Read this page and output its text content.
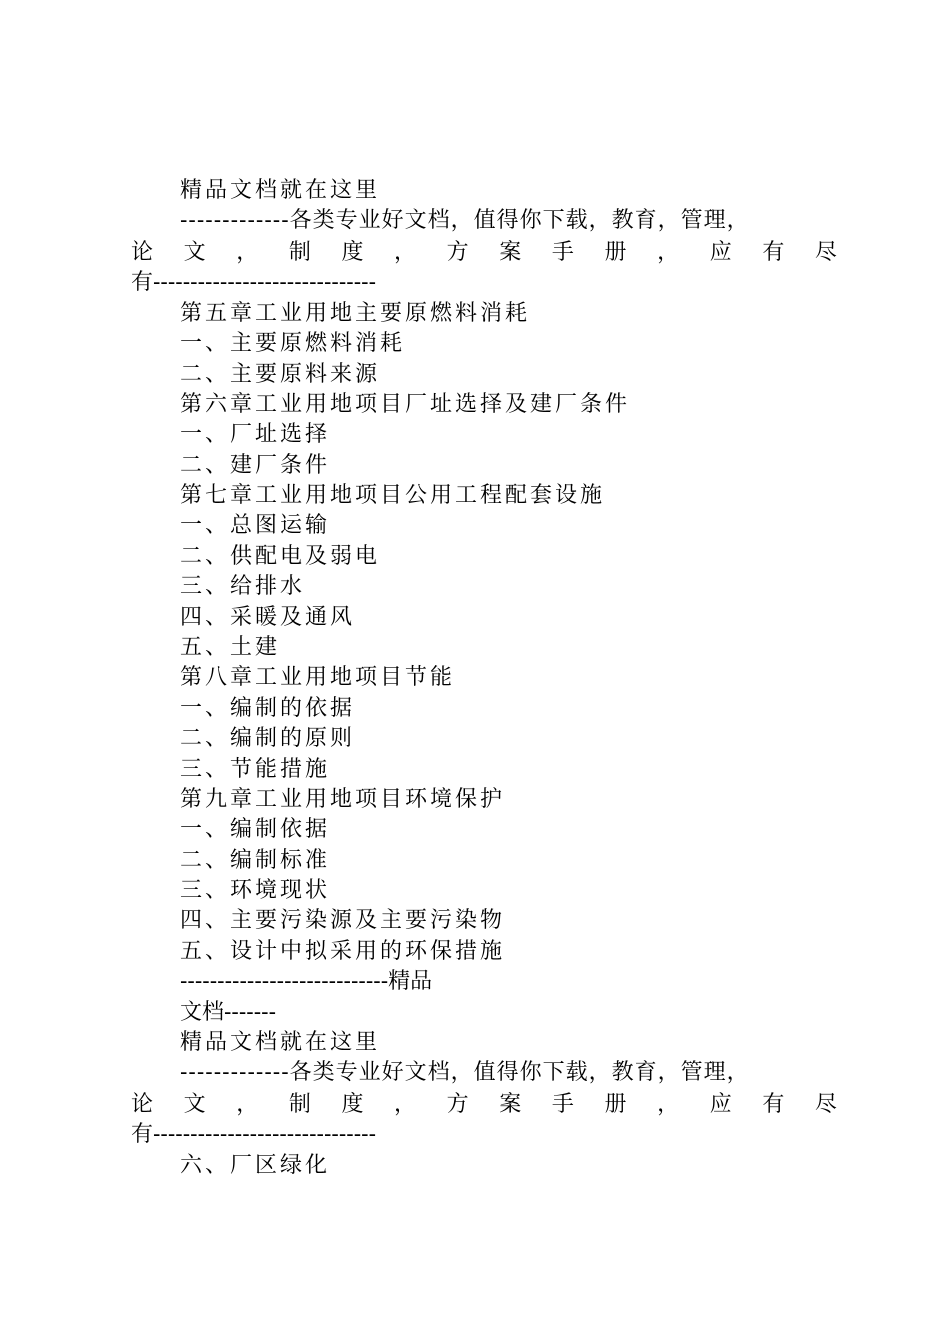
精品文档就在这里
-------------各类专业好文档，值得你下载，教育，管理，
论 文 ， 制 度 ， 方 案 手 册 ， 应 有 尽
有------------------------------
第五章工业用地主要原燃料消耗
一、主要原燃料消耗
二、主要原料来源
第六章工业用地项目厂址选择及建厂条件
一、厂址选择
二、建厂条件
第七章工业用地项目公用工程配套设施
一、总图运输
二、供配电及弱电
三、给排水
四、采暖及通风
五、土建
第八章工业用地项目节能
一、编制的依据
二、编制的原则
三、节能措施
第九章工业用地项目环境保护
一、编制依据
二、编制标准
三、环境现状
四、主要污染源及主要污染物
五、设计中拟采用的环保措施
----------------------------精品
文档-------
精品文档就在这里
-------------各类专业好文档，值得你下载，教育，管理，
论 文 ， 制 度 ， 方 案 手 册 ， 应 有 尽
有------------------------------
六、厂区绿化
